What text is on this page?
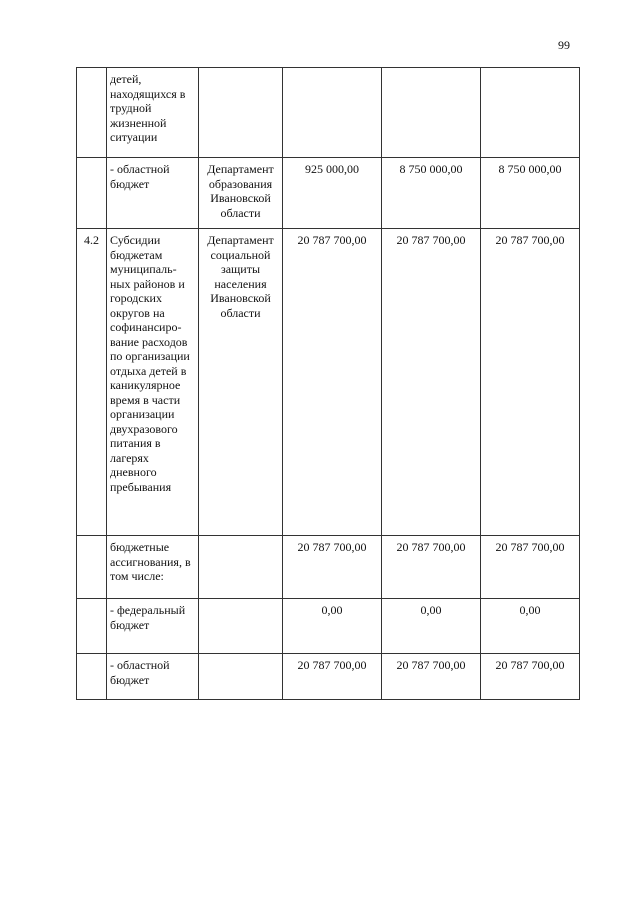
99

	детей, находящихся в трудной жизненной ситуации				

	- областной бюджет	Департамент образования Ивановской области	925 000,00	8 750 000,00	8 750 000,00
4.2	Субсидии бюджетам муниципаль-ных районов и городских округов на софинансиро-вание расходов по организации отдыха детей в каникулярное время в части организации двухразового питания в лагерях дневного пребывания	Департамент социальной защиты населения Ивановской области	20 787 700,00	20 787 700,00	20 787 700,00

	бюджетные ассигнования, в том числе:		20 787 700,00	20 787 700,00	20 787 700,00

	- федеральный бюджет		0,00	0,00	0,00

	- областной бюджет		20 787 700,00	20 787 700,00	20 787 700,00
